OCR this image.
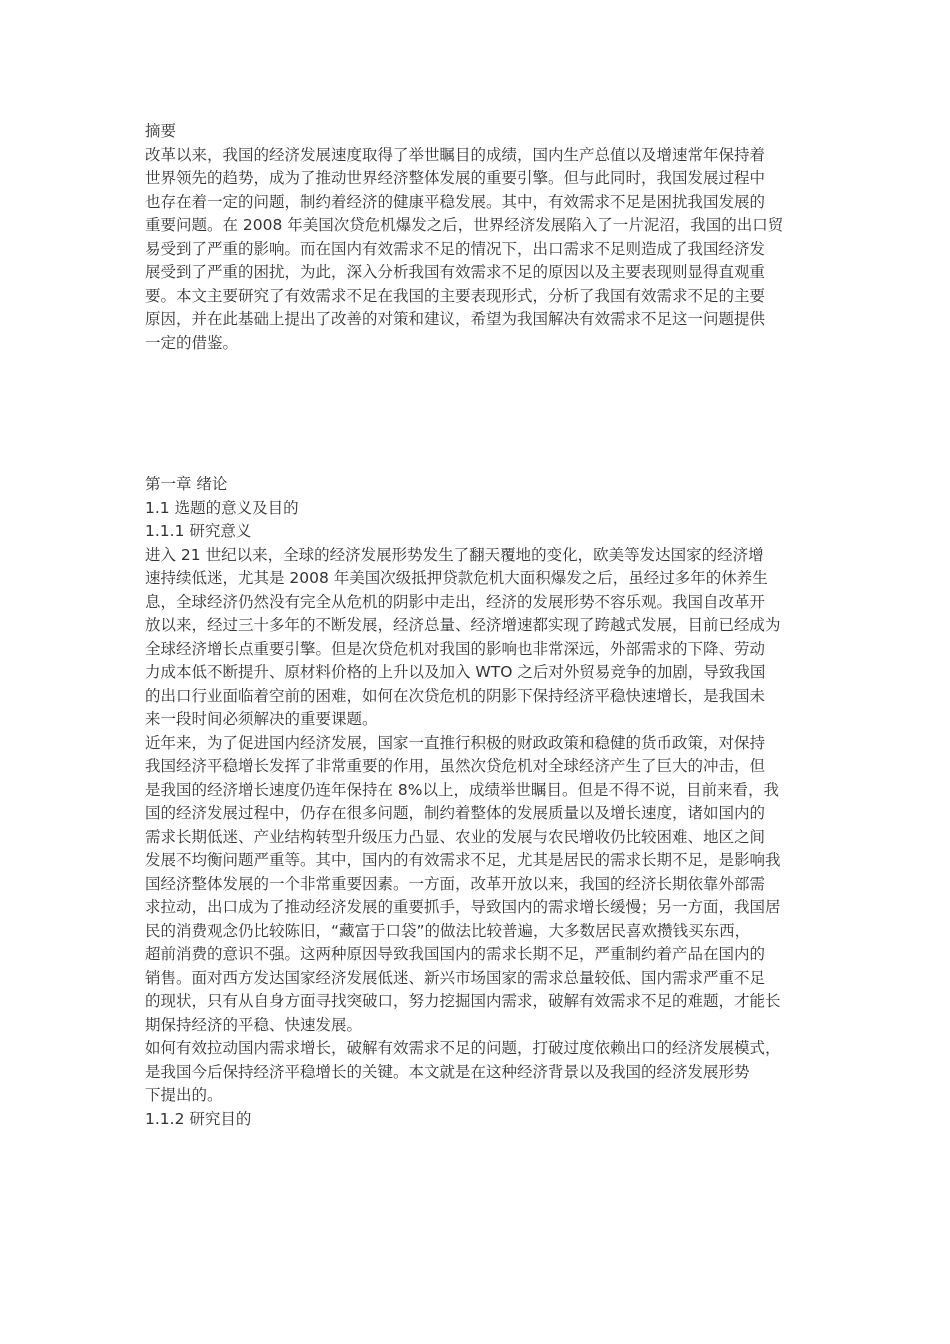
摘要
改革以来，我国的经济发展速度取得了举世瞩目的成绩，国内生产总值以及增速常年保持着
世界领先的趋势，成为了推动世界经济整体发展的重要引擎。但与此同时，我国发展过程中
也存在着一定的问题，制约着经济的健康平稳发展。其中，有效需求不足是困扰我国发展的
重要问题。在 2008 年美国次贷危机爆发之后，世界经济发展陷入了一片泥沼，我国的出口贸
易受到了严重的影响。而在国内有效需求不足的情况下，出口需求不足则造成了我国经济发
展受到了严重的困扰，为此，深入分析我国有效需求不足的原因以及主要表现则显得直观重
要。本文主要研究了有效需求不足在我国的主要表现形式，分析了我国有效需求不足的主要
原因，并在此基础上提出了改善的对策和建议，希望为我国解决有效需求不足这一问题提供
一定的借鉴。
第一章 绪论
1.1 选题的意义及目的
1.1.1 研究意义
进入 21 世纪以来，全球的经济发展形势发生了翻天覆地的变化，欧美等发达国家的经济增
速持续低迷，尤其是 2008 年美国次级抵押贷款危机大面积爆发之后，虽经过多年的休养生
息，全球经济仍然没有完全从危机的阴影中走出，经济的发展形势不容乐观。我国自改革开
放以来，经过三十多年的不断发展，经济总量、经济增速都实现了跨越式发展，目前已经成为
全球经济增长点重要引擎。但是次贷危机对我国的影响也非常深远，外部需求的下降、劳动
力成本低不断提升、原材料价格的上升以及加入 WTO 之后对外贸易竞争的加剧，导致我国
的出口行业面临着空前的困难，如何在次贷危机的阴影下保持经济平稳快速增长，是我国未
来一段时间必须解决的重要课题。
近年来，为了促进国内经济发展，国家一直推行积极的财政政策和稳健的货币政策，对保持
我国经济平稳增长发挥了非常重要的作用，虽然次贷危机对全球经济产生了巨大的冲击，但
是我国的经济增长速度仍连年保持在 8%以上，成绩举世瞩目。但是不得不说，目前来看，我
国的经济发展过程中，仍存在很多问题，制约着整体的发展质量以及增长速度，诸如国内的
需求长期低迷、产业结构转型升级压力凸显、农业的发展与农民增收仍比较困难、地区之间
发展不均衡问题严重等。其中，国内的有效需求不足，尤其是居民的需求长期不足，是影响我
国经济整体发展的一个非常重要因素。一方面，改革开放以来，我国的经济长期依靠外部需
求拉动，出口成为了推动经济发展的重要抓手，导致国内的需求增长缓慢；另一方面，我国居
民的消费观念仍比较陈旧，“藏富于口袋”的做法比较普遍，大多数居民喜欢攒钱买东西，
超前消费的意识不强。这两种原因导致我国国内的需求长期不足，严重制约着产品在国内的
销售。面对西方发达国家经济发展低迷、新兴市场国家的需求总量较低、国内需求严重不足
的现状，只有从自身方面寻找突破口，努力挖掘国内需求，破解有效需求不足的难题，才能长
期保持经济的平稳、快速发展。
如何有效拉动国内需求增长，破解有效需求不足的问题，打破过度依赖出口的经济发展模式，
是我国今后保持经济平稳增长的关键。本文就是在这种经济背景以及我国的经济发展形势
下提出的。
1.1.2 研究目的
